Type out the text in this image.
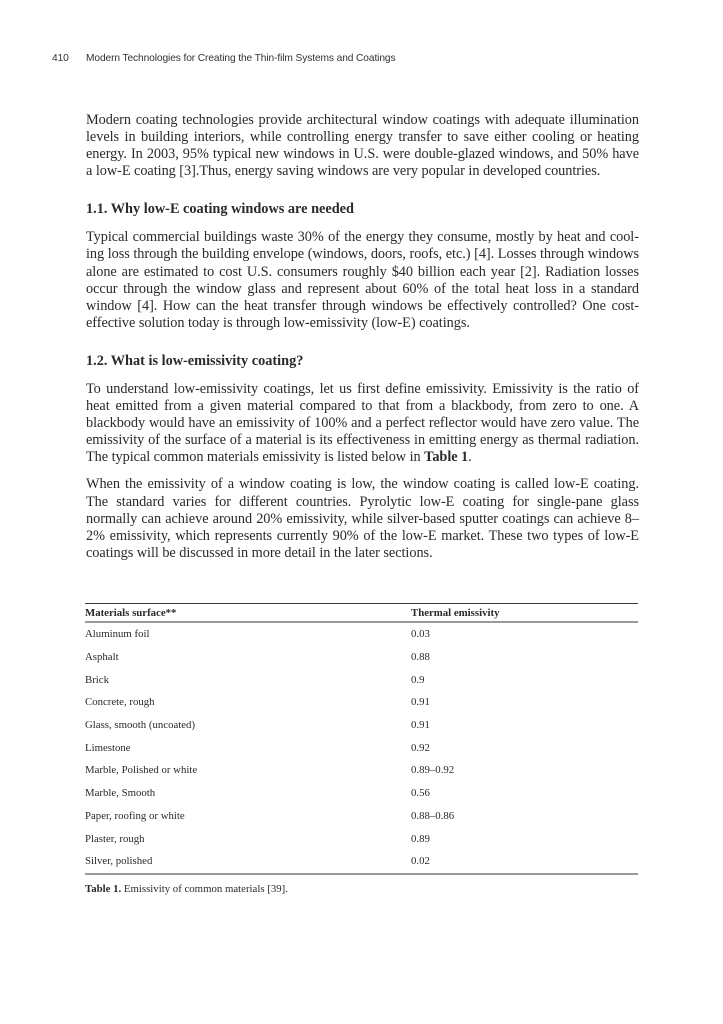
410 Modern Technologies for Creating the Thin-film Systems and Coatings

Modern coating technologies provide architectural window coatings with adequate illumination levels in building interiors, while controlling energy transfer to save either cooling or heating energy. In 2003, 95% typical new windows in U.S. were double-glazed windows, and 50% have a low-E coating [3].Thus, energy saving windows are very popular in developed countries.

1.1. Why low-E coating windows are needed

Typical commercial buildings waste 30% of the energy they consume, mostly by heat and cooling loss through the building envelope (windows, doors, roofs, etc.) [4]. Losses through windows alone are estimated to cost U.S. consumers roughly $40 billion each year [2]. Radiation losses occur through the window glass and represent about 60% of the total heat loss in a standard window [4]. How can the heat transfer through windows be effectively controlled? One cost-effective solution today is through low-emissivity (low-E) coatings.

1.2. What is low-emissivity coating?

To understand low-emissivity coatings, let us first define emissivity. Emissivity is the ratio of heat emitted from a given material compared to that from a blackbody, from zero to one. A blackbody would have an emissivity of 100% and a perfect reflector would have zero value. The emissivity of the surface of a material is its effectiveness in emitting energy as thermal radiation. The typical common materials emissivity is listed below in Table 1.

When the emissivity of a window coating is low, the window coating is called low-E coating. The standard varies for different countries. Pyrolytic low-E coating for single-pane glass normally can achieve around 20% emissivity, while silver-based sputter coatings can achieve 8–2% emissivity, which represents currently 90% of the low-E market. These two types of low-E coatings will be discussed in more detail in the later sections.

Materials surface**	Thermal emissivity
Aluminum foil	0.03
Asphalt	0.88
Brick	0.9
Concrete, rough	0.91
Glass, smooth (uncoated)	0.91
Limestone	0.92
Marble, Polished or white	0.89–0.92
Marble, Smooth	0.56
Paper, roofing or white	0.88–0.86
Plaster, rough	0.89
Silver, polished	0.02
Table 1. Emissivity of common materials [39].
